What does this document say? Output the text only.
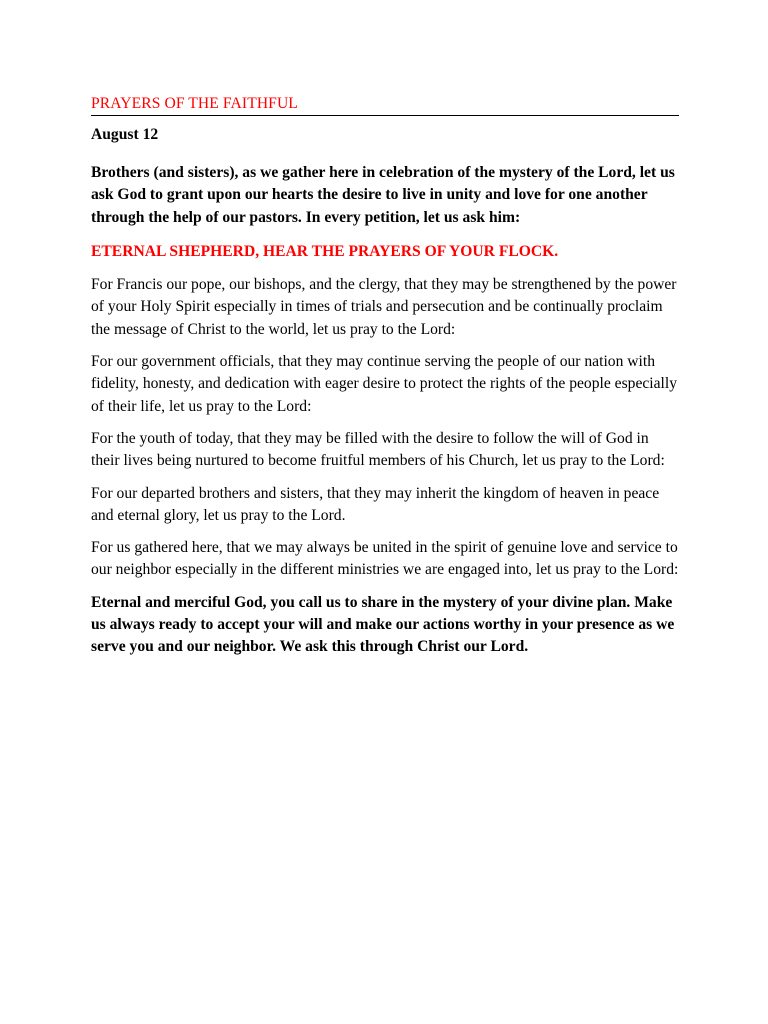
PRAYERS OF THE FAITHFUL
August 12

Brothers (and sisters), as we gather here in celebration of the mystery of the Lord, let us ask God to grant upon our hearts the desire to live in unity and love for one another through the help of our pastors. In every petition, let us ask him:

ETERNAL SHEPHERD, HEAR THE PRAYERS OF YOUR FLOCK.

For Francis our pope, our bishops, and the clergy, that they may be strengthened by the power of your Holy Spirit especially in times of trials and persecution and be continually proclaim the message of Christ to the world, let us pray to the Lord:

For our government officials, that they may continue serving the people of our nation with fidelity, honesty, and dedication with eager desire to protect the rights of the people especially of their life, let us pray to the Lord:

For the youth of today, that they may be filled with the desire to follow the will of God in their lives being nurtured to become fruitful members of his Church, let us pray to the Lord:

For our departed brothers and sisters, that they may inherit the kingdom of heaven in peace and eternal glory, let us pray to the Lord.

For us gathered here, that we may always be united in the spirit of genuine love and service to our neighbor especially in the different ministries we are engaged into, let us pray to the Lord:

Eternal and merciful God, you call us to share in the mystery of your divine plan. Make us always ready to accept your will and make our actions worthy in your presence as we serve you and our neighbor. We ask this through Christ our Lord.
